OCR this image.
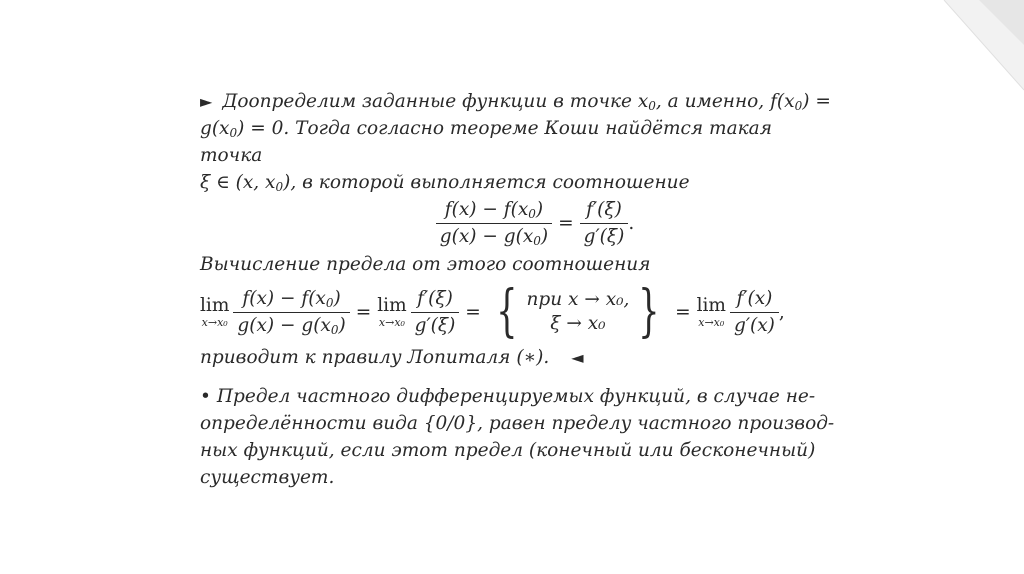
► Доопределим заданные функции в точке $x_0$, а именно, $f(x_0)$ =
$g(x_0) = 0$. Тогда согласно теореме Коши найдётся такая точка
ξ ∈ (x, $x_0$), в которой выполняется соотношение

$\frac{f(x) - f(x_0)}{g(x) - g(x_0)} = \frac{f'(\xi)}{g'(\xi)}$ .

Вычисление предела от этого соотношения

lim
$x\to x_0 \frac{f(x) - f(x_0)}{g(x) - g(x_0)} = \lim$
$x\to x_0 \frac{f'(\xi)}{g'(\xi)}$ = { при x → x₀,
ξ → x₀ } = lim
$x\to x_0 \frac{f'(x)}{g'(x)}$ ,

приводит к правилу Лопиталя (∗). ◄

• Предел частного дифференцируемых функций, в случае не-
определённости вида {0/0}, равен пределу частного производ-
ных функций, если этот предел (конечный или бесконечный)
существует.
